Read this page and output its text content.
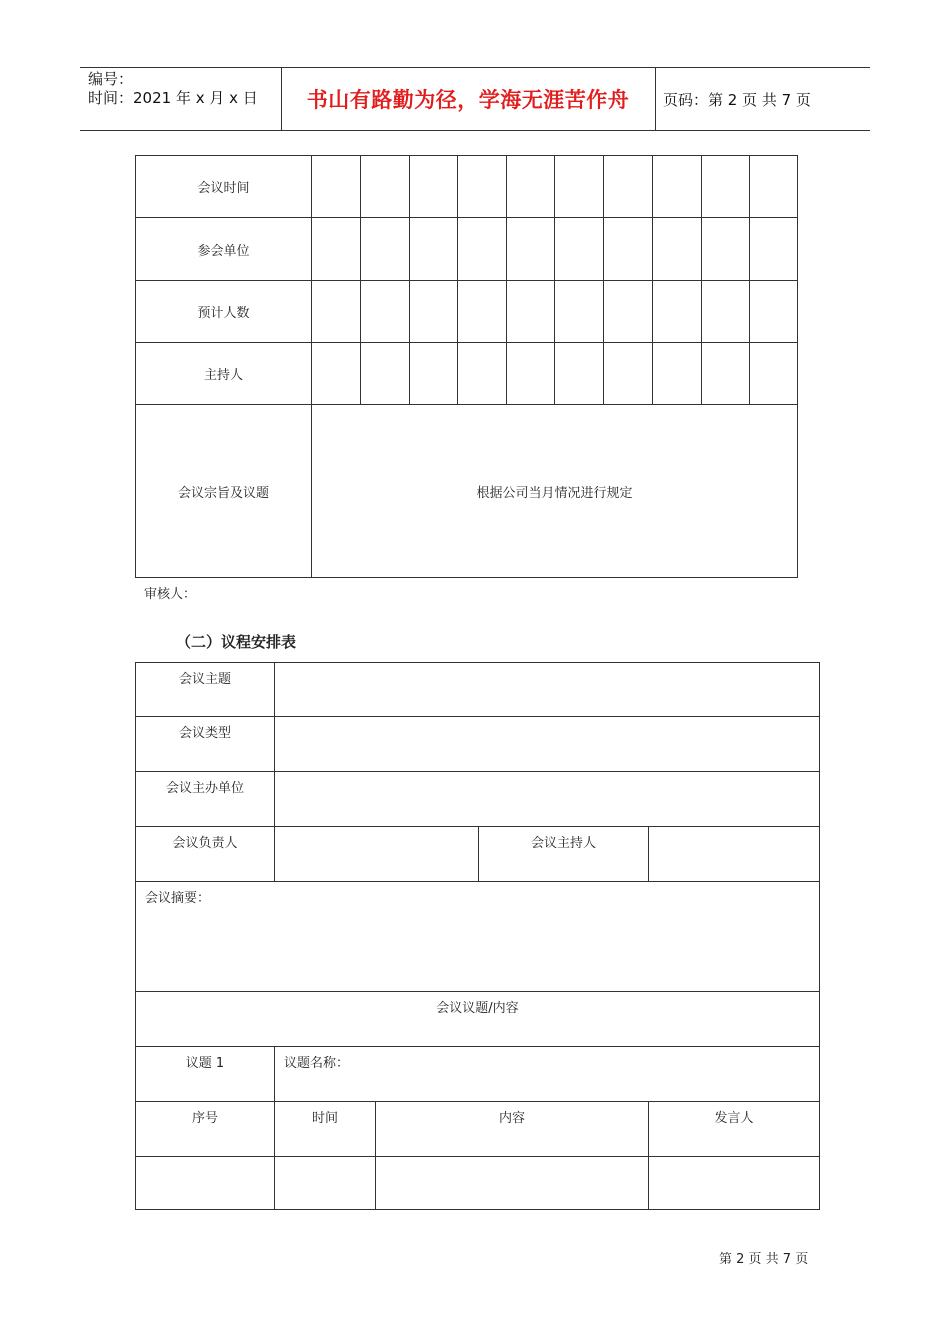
编号：
时间：2021 年 x 月 x 日	书山有路勤为径，学海无涯苦作舟	页码：第 2 页 共 7 页
会议时间										
参会单位										
预计人数										
主持人										
会议宗旨及议题	根据公司当月情况进行规定									
审核人：
（二）议程安排表
会议主题				

会议类型				

会议主办单位				

会议负责人			会议主持人	

会议摘要：				

会议议题/内容				

议题 1	议题名称：			

序号	时间	内容		发言人

第 2 页 共 7 页
